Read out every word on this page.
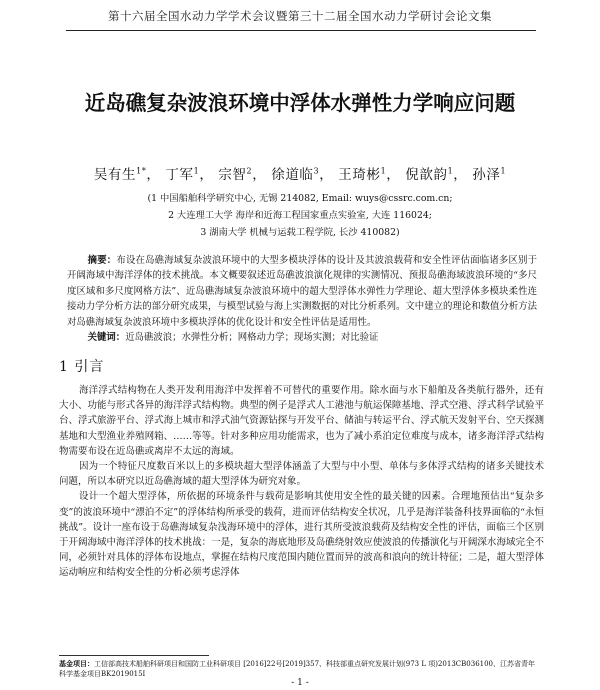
第十六届全国水动力学学术会议暨第三十二届全国水动力学研讨会论文集
近岛礁复杂波浪环境中浮体水弹性力学响应问题
吴有生$^{1*}$， 丁军$^1$， 宗智$^2$， 徐道临$^3$， 王琦彬$^1$， 倪歆韵$^1$， 孙泽$^1$
(1 中国船舶科学研究中心, 无锡 214082, Email: wuys@cssrc.com.cn;
2 大连理工大学 海岸和近海工程国家重点实验室, 大连 116024;
3 湖南大学 机械与运载工程学院, 长沙 410082)
摘要：布设在岛礁海域复杂波浪环境中的大型多模块浮体的设计及其波浪载荷和安全性评估面临诸多区别于开阔海域中海洋浮体的技术挑战。本文概要叙述近岛礁波浪演化规律的实测情况、预报岛礁海域波浪环境的“多尺度区域和多尺度网格方法”、近岛礁海域复杂波浪环境中的超大型浮体水弹性力学理论、超大型浮体多模块柔性连接动力学分析方法的部分研究成果，与模型试验与海上实测数据的对比分析系列。文中建立的理论和数值分析方法对岛礁海域复杂波浪环境中多模块浮体的优化设计和安全性评估是适用性。
关键词：近岛礁波浪；水弹性分析；网格动力学；现场实测；对比验证
1 引言

海洋浮式结构物在人类开发利用海洋中发挥着不可替代的重要作用。除水面与水下船舶及各类航行器外，还有大小、功能与形式各异的海洋浮式结构物。典型的例子是浮式人工港池与航运保障基地、浮式空港、浮式科学试验平台、浮式旅游平台、浮式海上城市和浮式油气资源钻探与开发平台、储油与转运平台、浮式航天发射平台、空天探测基地和大型渔业养殖网箱、……等等。针对多种应用功能需求，也为了减小系泊定位难度与成本，诸多海洋浮式结构物需要布设在近岛礁或离岸不太远的海域。

因为一个特征尺度数百米以上的多模块超大型浮体涵盖了大型与中小型、单体与多体浮式结构的诸多关键技术问题，所以本研究以近岛礁海域的超大型浮体为研究对象。

设计一个超大型浮体，所依据的环境条件与载荷是影响其使用安全性的最关键的因素。合理地预估出“复杂多变”的波浪环境中“漂泊不定”的浮体结构所承受的载荷，进而评估结构安全状况，几乎是海洋装备科技界面临的“永恒挑战”。设计一座布设于岛礁海域复杂浅海环境中的浮体，进行其所受波浪载荷及结构安全性的评估，面临三个区别于开阔海域中海洋浮体的技术挑战：一是，复杂的海底地形及岛礁绕射效应使波浪的传播演化与开阔深水海域完全不同，必须针对具体的浮体布设地点，掌握在结构尺度范围内随位置而异的波高和浪向的统计特征；二是，超大型浮体运动响应和结构安全性的分析必须考虑浮体

基金项目：工信部高技术船舶科研项目和国防工业科研项目 [2016]22号[2019]357、科技部重点研究发展计划(973 L 项)2013CB036100、江苏省青年科学基金项目BK2019015I
- 1 -
